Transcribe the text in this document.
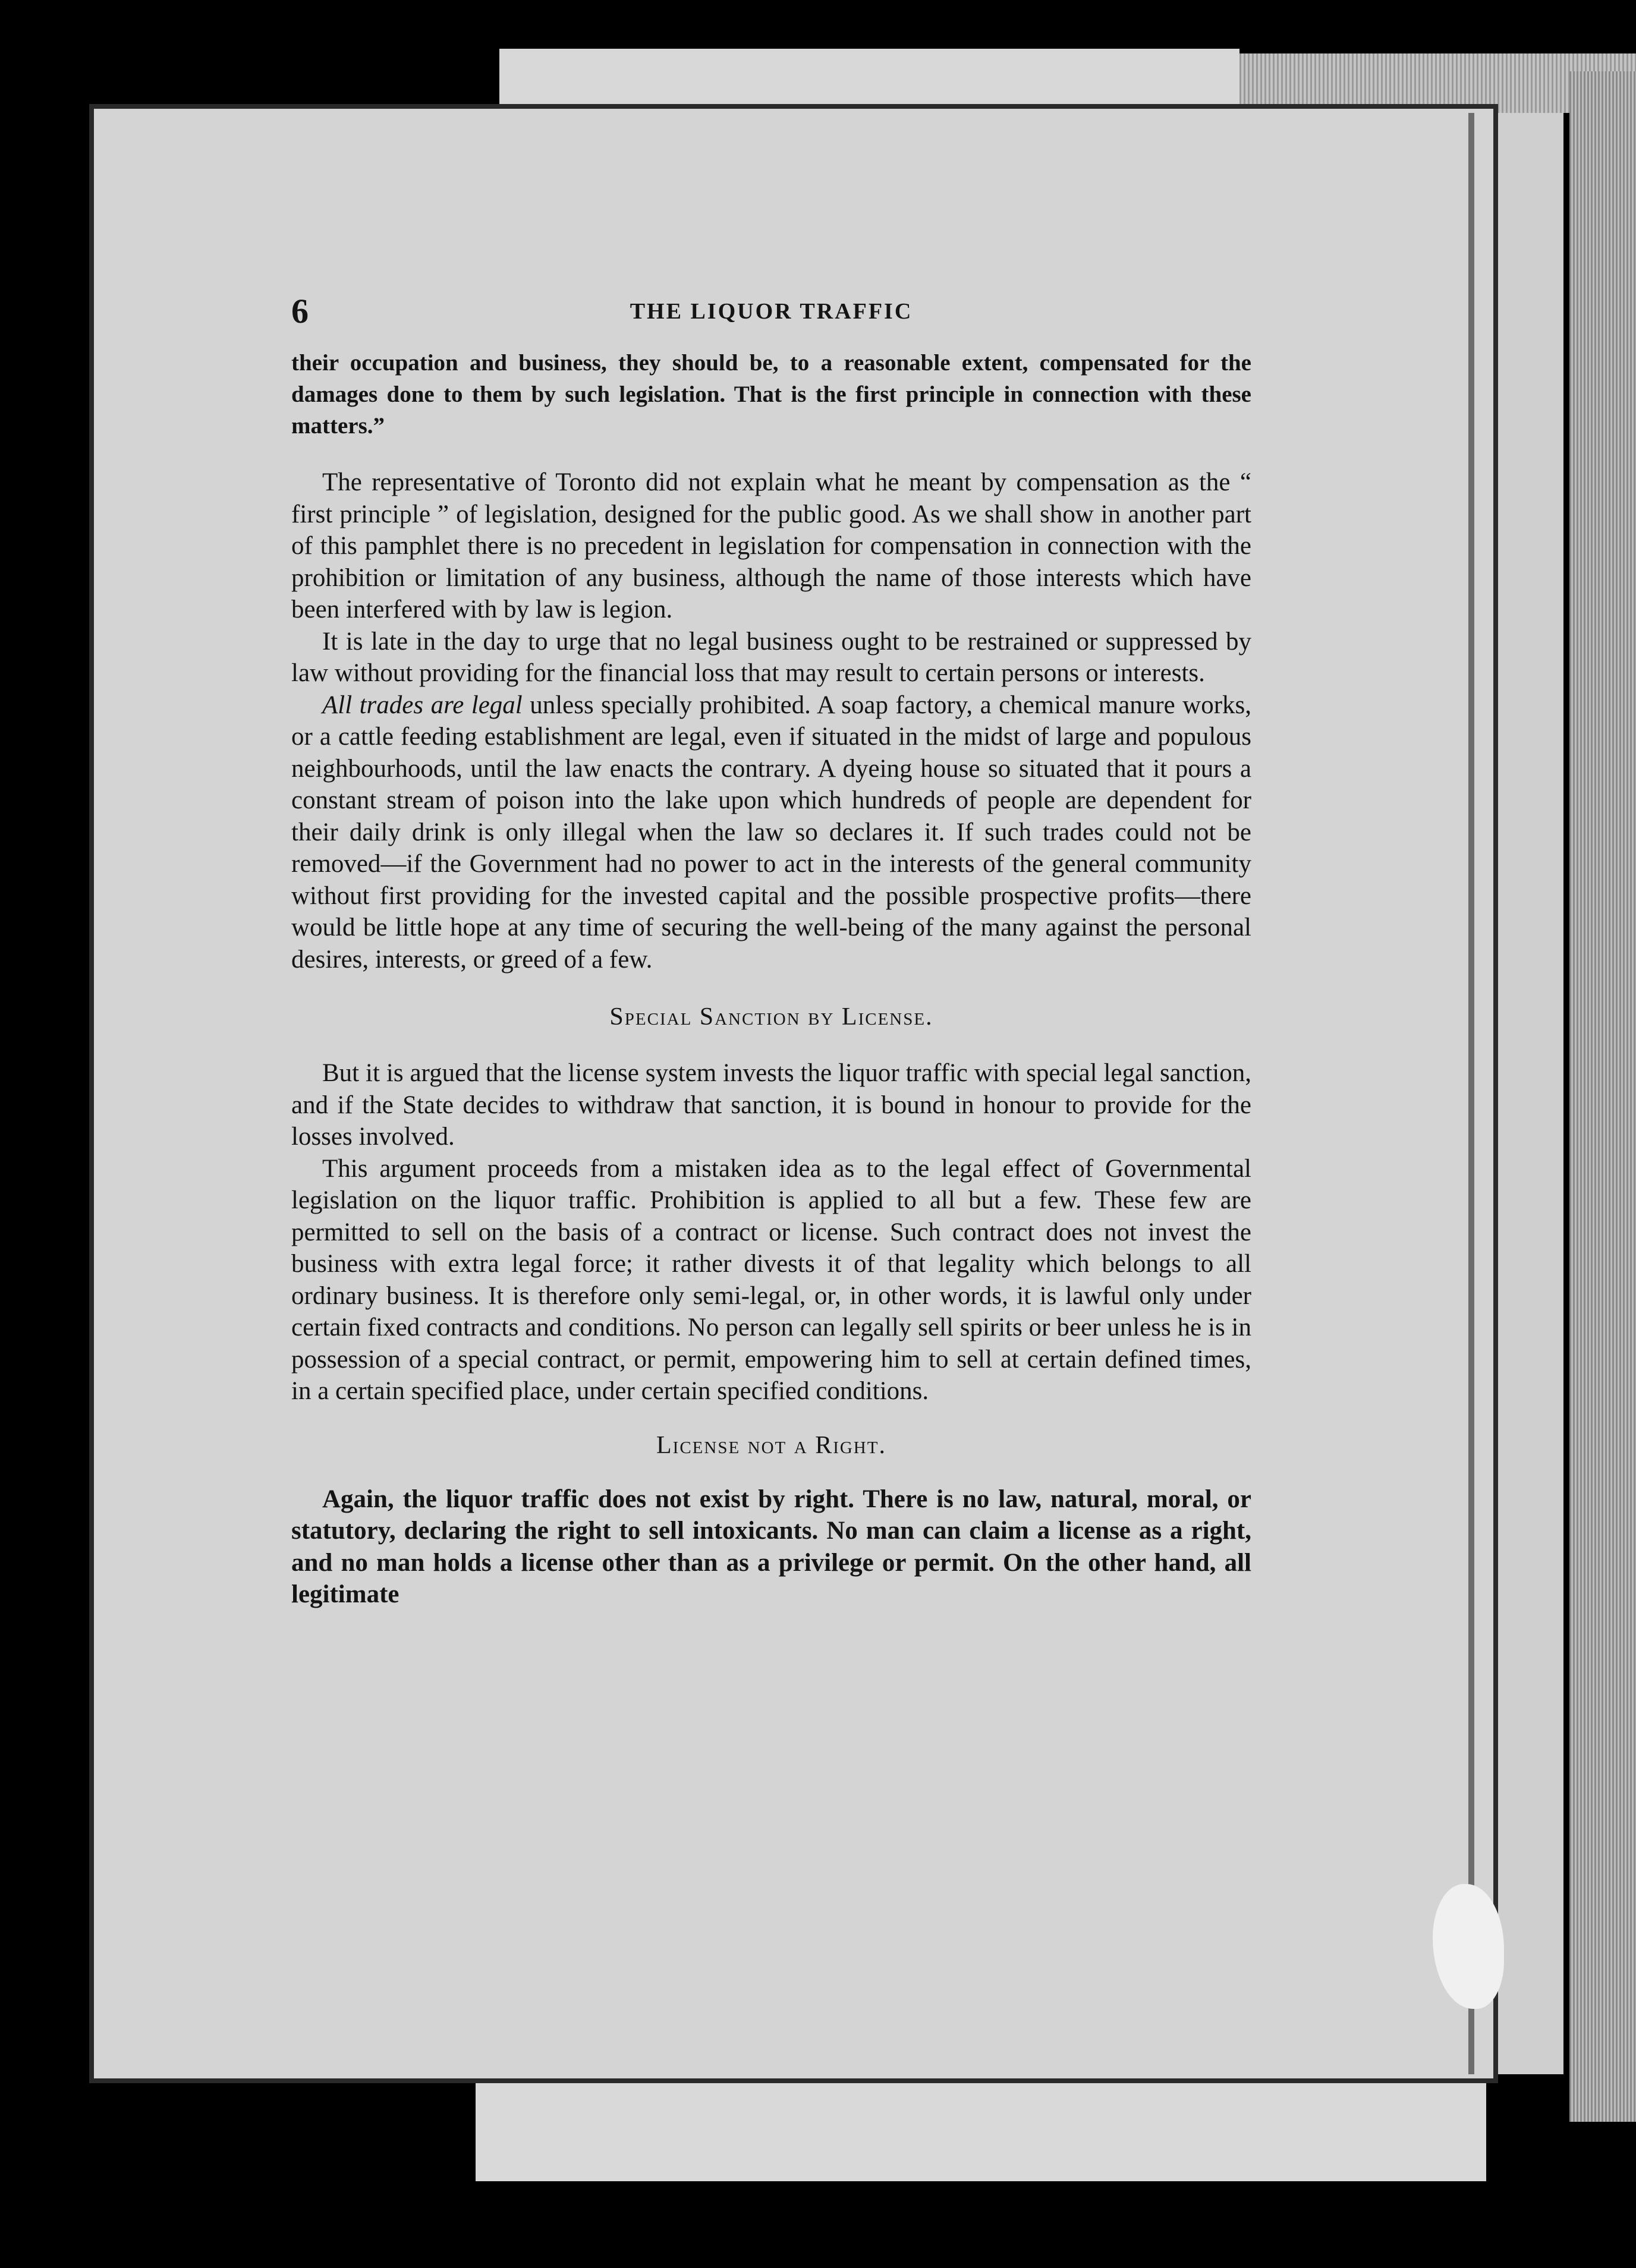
6	THE LIQUOR TRAFFIC

their occupation and business, they should be, to a reasonable extent, compensated for the damages done to them by such legislation. That is the first principle in connection with these matters.”

The representative of Toronto did not explain what he meant by compensation as the “ first principle ” of legislation, designed for the public good. As we shall show in another part of this pamphlet there is no precedent in legislation for compensation in connection with the prohibition or limitation of any business, although the name of those interests which have been interfered with by law is legion.

It is late in the day to urge that no legal business ought to be restrained or suppressed by law without providing for the financial loss that may result to certain persons or interests.

All trades are legal unless specially prohibited. A soap factory, a chemical manure works, or a cattle feeding establishment are legal, even if situated in the midst of large and populous neighbourhoods, until the law enacts the contrary. A dyeing house so situated that it pours a constant stream of poison into the lake upon which hundreds of people are dependent for their daily drink is only illegal when the law so declares it. If such trades could not be removed—if the Government had no power to act in the interests of the general community without first providing for the invested capital and the possible prospective profits—there would be little hope at any time of securing the well-being of the many against the personal desires, interests, or greed of a few.

Special Sanction by License.

But it is argued that the license system invests the liquor traffic with special legal sanction, and if the State decides to withdraw that sanction, it is bound in honour to provide for the losses involved.

This argument proceeds from a mistaken idea as to the legal effect of Governmental legislation on the liquor traffic. Prohibition is applied to all but a few. These few are permitted to sell on the basis of a contract or license. Such contract does not invest the business with extra legal force; it rather divests it of that legality which belongs to all ordinary business. It is therefore only semi-legal, or, in other words, it is lawful only under certain fixed contracts and conditions. No person can legally sell spirits or beer unless he is in possession of a special contract, or permit, empowering him to sell at certain defined times, in a certain specified place, under certain specified conditions.

License not a Right.

Again, the liquor traffic does not exist by right. There is no law, natural, moral, or statutory, declaring the right to sell intoxicants. No man can claim a license as a right, and no man holds a license other than as a privilege or permit. On the other hand, all legitimate
